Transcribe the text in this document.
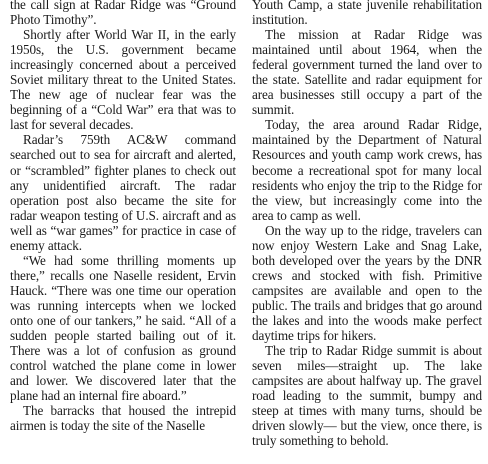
the call sign at Radar Ridge was “Ground Photo Timothy”.

Shortly after World War II, in the early 1950s, the U.S. government became increasingly concerned about a perceived Soviet military threat to the United States. The new age of nuclear fear was the beginning of a “Cold War” era that was to last for several decades.

Radar’s 759th AC&W command searched out to sea for aircraft and alerted, or “scrambled” fighter planes to check out any unidentified aircraft. The radar operation post also became the site for radar weapon testing of U.S. aircraft and as well as “war games” for practice in case of enemy attack.

“We had some thrilling moments up there,” recalls one Naselle resident, Ervin Hauck. “There was one time our operation was running intercepts when we locked onto one of our tankers,” he said. “All of a sudden people started bailing out of it. There was a lot of confusion as ground control watched the plane come in lower and lower. We discovered later that the plane had an internal fire aboard.”

The barracks that housed the intrepid airmen is today the site of the Naselle

Youth Camp, a state juvenile rehabilitation institution.

The mission at Radar Ridge was maintained until about 1964, when the federal government turned the land over to the state. Satellite and radar equipment for area businesses still occupy a part of the summit.

Today, the area around Radar Ridge, maintained by the Department of Natural Resources and youth camp work crews, has become a recreational spot for many local residents who enjoy the trip to the Ridge for the view, but increasingly come into the area to camp as well.

On the way up to the ridge, travelers can now enjoy Western Lake and Snag Lake, both developed over the years by the DNR crews and stocked with fish. Primitive campsites are available and open to the public. The trails and bridges that go around the lakes and into the woods make perfect daytime trips for hikers.

The trip to Radar Ridge summit is about seven miles—straight up. The lake campsites are about halfway up. The gravel road leading to the summit, bumpy and steep at times with many turns, should be driven slowly— but the view, once there, is truly something to behold.
